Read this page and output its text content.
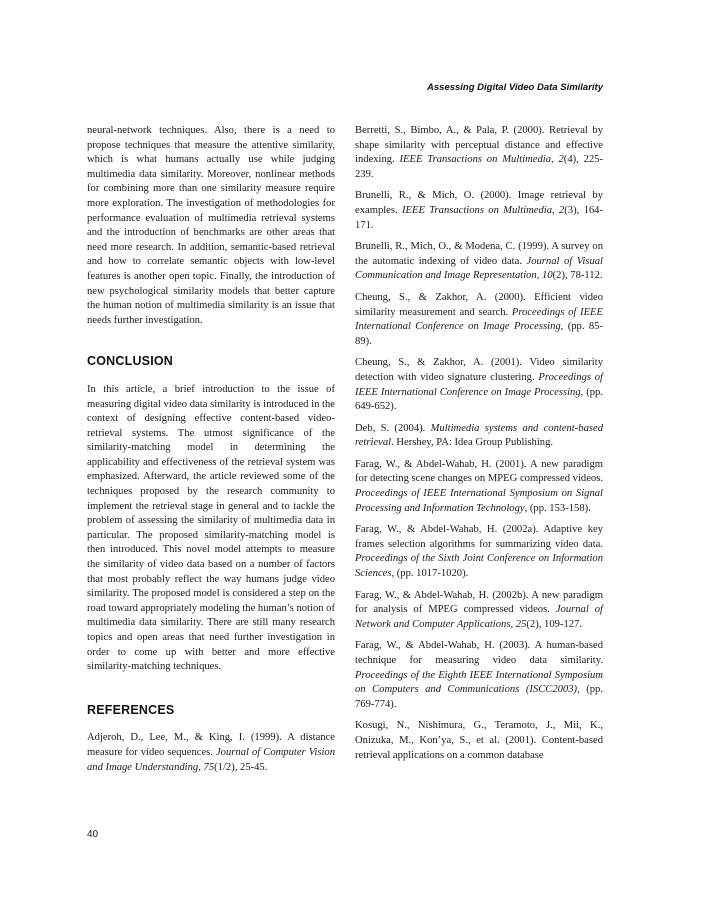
Assessing Digital Video Data Similarity

neural-network techniques. Also, there is a need to propose techniques that measure the attentive similarity, which is what humans actually use while judging multimedia data similarity. Moreover, nonlinear methods for combining more than one similarity measure require more exploration. The investigation of methodologies for performance evaluation of multimedia retrieval systems and the introduction of benchmarks are other areas that need more research. In addition, semantic-based retrieval and how to correlate semantic objects with low-level features is another open topic. Finally, the introduction of new psychological similarity models that better capture the human notion of multimedia similarity is an issue that needs further investigation.

CONCLUSION

In this article, a brief introduction to the issue of measuring digital video data similarity is introduced in the context of designing effective content-based video-retrieval systems. The utmost significance of the similarity-matching model in determining the applicability and effectiveness of the retrieval system was emphasized. Afterward, the article reviewed some of the techniques proposed by the research community to implement the retrieval stage in general and to tackle the problem of assessing the similarity of multimedia data in particular. The proposed similarity-matching model is then introduced. This novel model attempts to measure the similarity of video data based on a number of factors that most probably reflect the way humans judge video similarity. The proposed model is considered a step on the road toward appropriately modeling the human’s notion of multimedia data similarity. There are still many research topics and open areas that need further investigation in order to come up with better and more effective similarity-matching techniques.

REFERENCES

Adjeroh, D., Lee, M., & King, I. (1999). A distance measure for video sequences. Journal of Computer Vision and Image Understanding, 75(1/2), 25-45.

Berretti, S., Bimbo, A., & Pala, P. (2000). Retrieval by shape similarity with perceptual distance and effective indexing. IEEE Transactions on Multimedia, 2(4), 225-239.

Brunelli, R., & Mich, O. (2000). Image retrieval by examples. IEEE Transactions on Multimedia, 2(3), 164-171.

Brunelli, R., Mich, O., & Modena, C. (1999). A survey on the automatic indexing of video data. Journal of Visual Communication and Image Representation, 10(2), 78-112.

Cheung, S., & Zakhor, A. (2000). Efficient video similarity measurement and search. Proceedings of IEEE International Conference on Image Processing, (pp. 85-89).

Cheung, S., & Zakhor, A. (2001). Video similarity detection with video signature clustering. Proceedings of IEEE International Conference on Image Processing, (pp. 649-652).

Deb, S. (2004). Multimedia systems and content-based retrieval. Hershey, PA: Idea Group Publishing.

Farag, W., & Abdel-Wahab, H. (2001). A new paradigm for detecting scene changes on MPEG compressed videos. Proceedings of IEEE International Symposium on Signal Processing and Information Technology, (pp. 153-158).

Farag, W., & Abdel-Wahab, H. (2002a). Adaptive key frames selection algorithms for summarizing video data. Proceedings of the Sixth Joint Conference on Information Sciences, (pp. 1017-1020).

Farag, W., & Abdel-Wahab, H. (2002b). A new paradigm for analysis of MPEG compressed videos. Journal of Network and Computer Applications, 25(2), 109-127.

Farag, W., & Abdel-Wahab, H. (2003). A human-based technique for measuring video data similarity. Proceedings of the Eighth IEEE International Symposium on Computers and Communications (ISCC2003), (pp. 769-774).

Kosugi, N., Nishimura, G., Teramoto, J., Mii, K., Onizuka, M., Kon’ya, S., et al. (2001). Content-based retrieval applications on a common database

40
